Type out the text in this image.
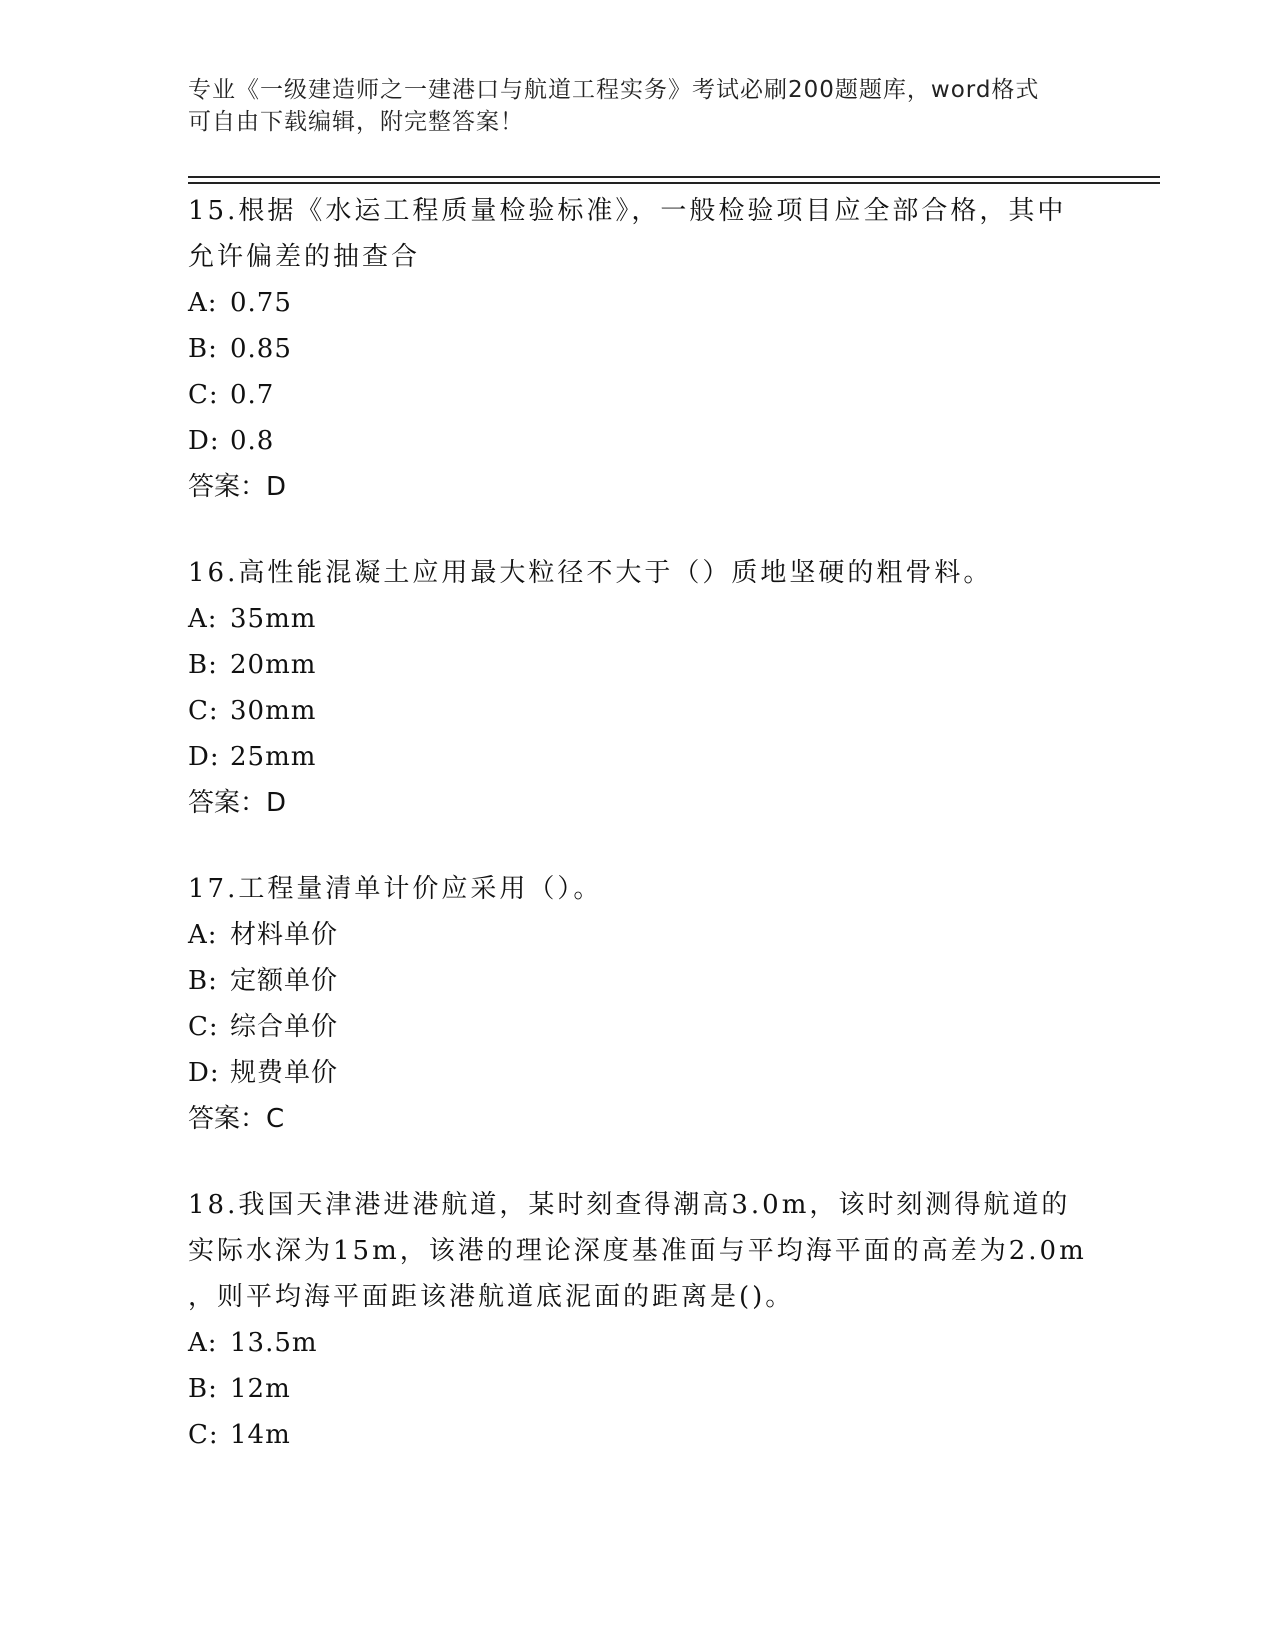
专业《一级建造师之一建港口与航道工程实务》考试必刷200题题库，word格式
可自由下载编辑，附完整答案！
15.根据《水运工程质量检验标准》，一般检验项目应全部合格，其中
允许偏差的抽查合
A: 0.75
B: 0.85
C: 0.7
D: 0.8
答案：D
16.高性能混凝土应用最大粒径不大于（）质地坚硬的粗骨料。
A: 35mm
B: 20mm
C: 30mm
D: 25mm
答案：D
17.工程量清单计价应采用（）。
A: 材料单价
B: 定额单价
C: 综合单价
D: 规费单价
答案：C
18.我国天津港进港航道，某时刻查得潮高3.0m，该时刻测得航道的
实际水深为15m，该港的理论深度基准面与平均海平面的高差为2.0m
，则平均海平面距该港航道底泥面的距离是()。
A: 13.5m
B: 12m
C: 14m
